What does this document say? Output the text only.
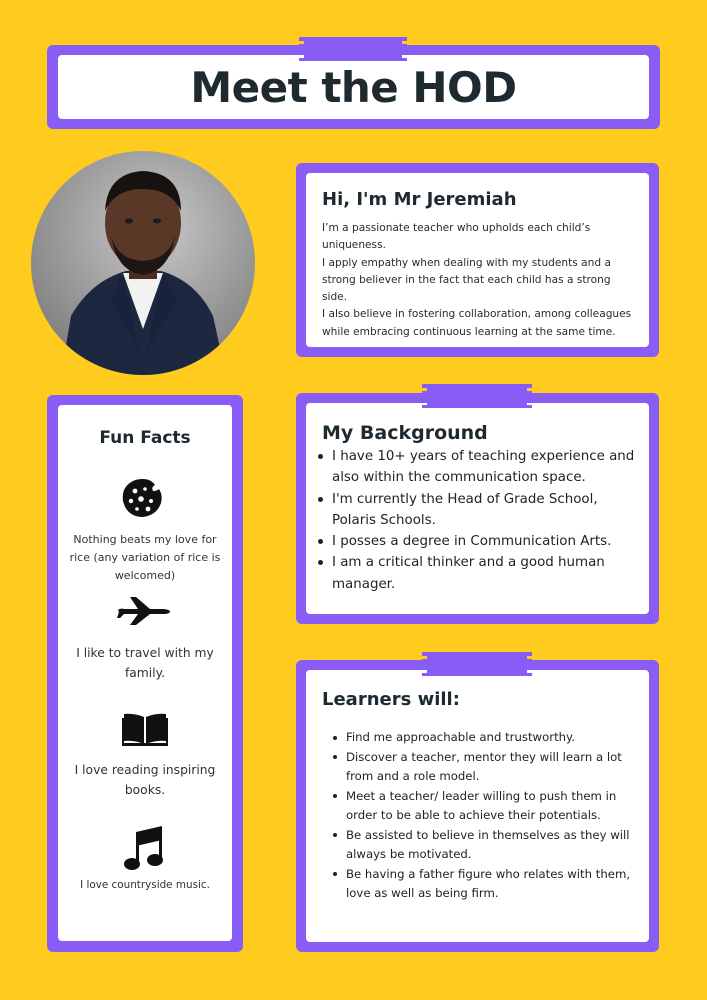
Meet the HOD
Hi, I'm Mr Jeremiah

I’m a passionate teacher who upholds each child’s uniqueness.

I apply empathy when dealing with my students and a strong believer in the fact that each child has a strong side.

I also believe in fostering collaboration, among colleagues while embracing continuous learning at the same time.

Fun Facts

Nothing beats my love for rice (any variation of rice is welcomed)

I like to travel with my family.

I love reading inspiring books.

I love countryside music.

My Background
I have 10+ years of teaching experience and also within the communication space.
I'm currently the Head of Grade School, Polaris Schools.
I posses a degree in Communication Arts.
I am a critical thinker and a good human manager.
Learners will:
Find me approachable and trustworthy.
Discover a teacher, mentor they will learn a lot from and a role model.
Meet a teacher/ leader willing to push them in order to be able to achieve their potentials.
Be assisted to believe in themselves as they will always be motivated.
Be having a father figure who relates with them, love as well as being firm.
